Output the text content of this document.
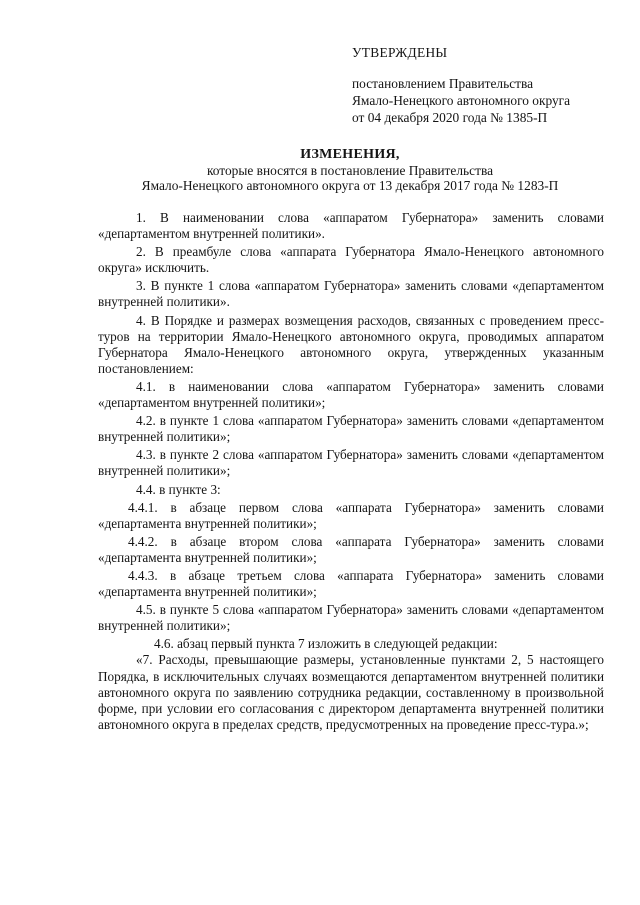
УТВЕРЖДЕНЫ
постановлением Правительства
Ямало-Ненецкого автономного округа
от 04 декабря 2020 года № 1385-П
ИЗМЕНЕНИЯ,
которые вносятся в постановление Правительства
Ямало-Ненецкого автономного округа от 13 декабря 2017 года № 1283-П
1. В наименовании слова «аппаратом Губернатора» заменить словами «департаментом внутренней политики».
2. В преамбуле слова «аппарата Губернатора Ямало-Ненецкого автономного округа» исключить.
3. В пункте 1 слова «аппаратом Губернатора» заменить словами «департаментом внутренней политики».
4. В Порядке и размерах возмещения расходов, связанных с проведением пресс-туров на территории Ямало-Ненецкого автономного округа, проводимых аппаратом Губернатора Ямало-Ненецкого автономного округа, утвержденных указанным постановлением:
4.1. в наименовании слова «аппаратом Губернатора» заменить словами «департаментом внутренней политики»;
4.2. в пункте 1 слова «аппаратом Губернатора» заменить словами «департаментом внутренней политики»;
4.3. в пункте 2 слова «аппаратом Губернатора» заменить словами «департаментом внутренней политики»;
4.4. в пункте 3:
4.4.1. в абзаце первом слова «аппарата Губернатора» заменить словами «департамента внутренней политики»;
4.4.2. в абзаце втором слова «аппарата Губернатора» заменить словами «департамента внутренней политики»;
4.4.3. в абзаце третьем слова «аппарата Губернатора» заменить словами «департамента внутренней политики»;
4.5. в пункте 5 слова «аппаратом Губернатора» заменить словами «департаментом внутренней политики»;
4.6. абзац первый пункта 7 изложить в следующей редакции:
«7. Расходы, превышающие размеры, установленные пунктами 2, 5 настоящего Порядка, в исключительных случаях возмещаются департаментом внутренней политики автономного округа по заявлению сотрудника редакции, составленному в произвольной форме, при условии его согласования с директором департамента внутренней политики автономного округа в пределах средств, предусмотренных на проведение пресс-тура.»;
